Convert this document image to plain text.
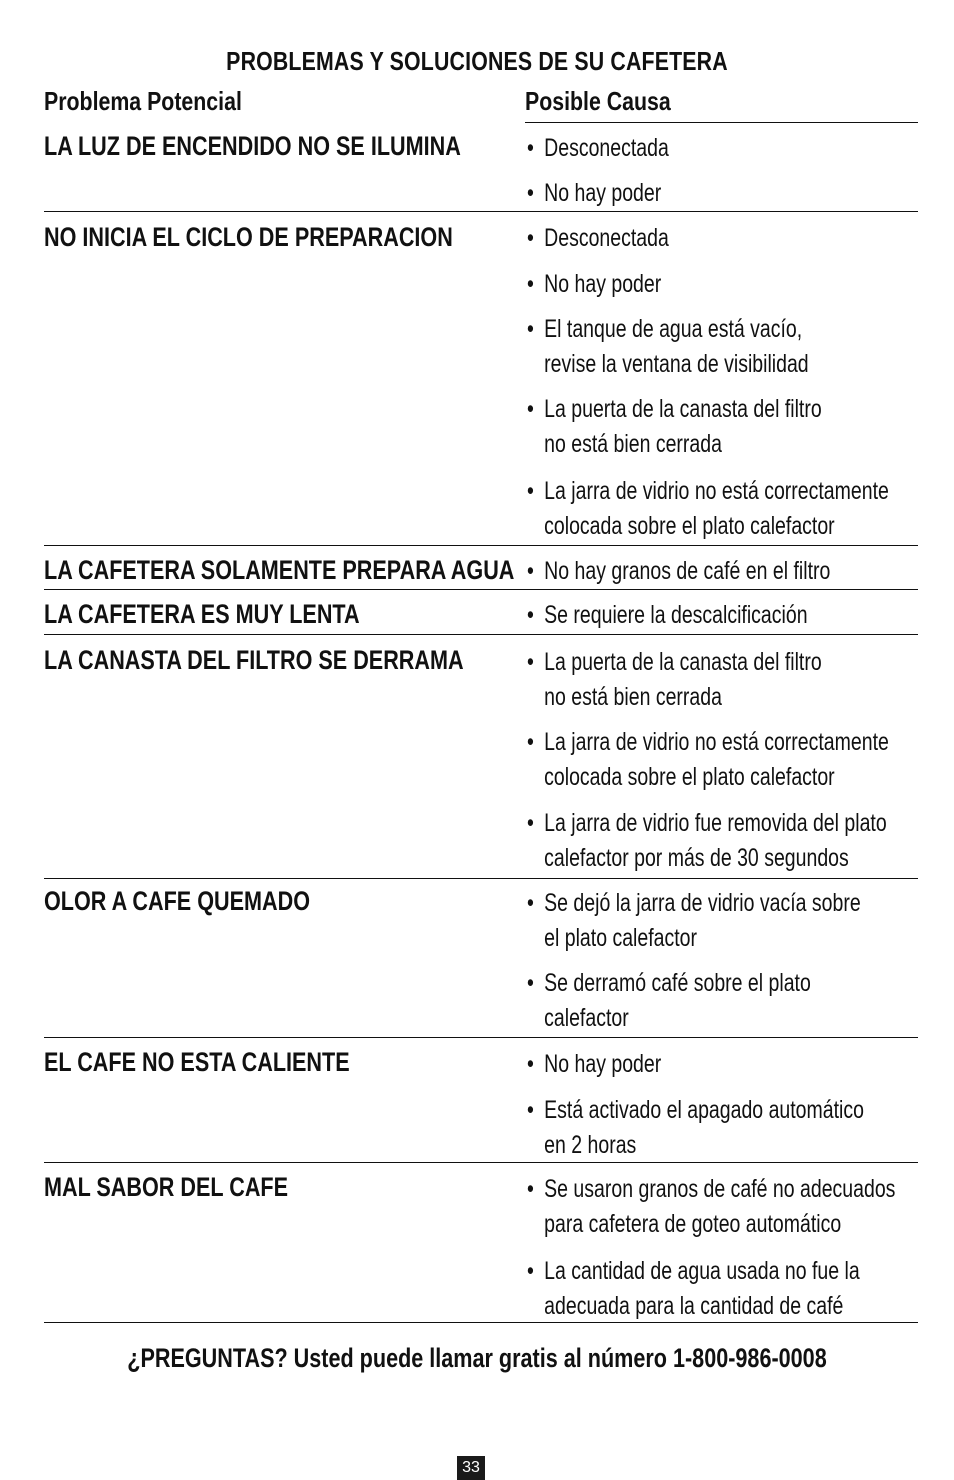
PROBLEMAS Y SOLUCIONES DE SU CAFETERA
Problema Potencial	Posible Causa
LA LUZ DE ENCENDIDO NO SE ILUMINA	• Desconectada
• No hay poder
NO INICIA EL CICLO DE PREPARACION	• Desconectada
• No hay poder
• El tanque de agua está vacío,
revise la ventana de visibilidad
• La puerta de la canasta del filtro
no está bien cerrada
• La jarra de vidrio no está correctamente
colocada sobre el plato calefactor
LA CAFETERA SOLAMENTE PREPARA AGUA • No hay granos de café en el filtro
LA CAFETERA ES MUY LENTA	• Se requiere la descalcificación
LA CANASTA DEL FILTRO SE DERRAMA	• La puerta de la canasta del filtro
no está bien cerrada
• La jarra de vidrio no está correctamente
colocada sobre el plato calefactor
• La jarra de vidrio fue removida del plato
calefactor por más de 30 segundos
OLOR A CAFE QUEMADO	• Se dejó la jarra de vidrio vacía sobre
el plato calefactor
• Se derramó café sobre el plato
calefactor
EL CAFE NO ESTA CALIENTE	• No hay poder
• Está activado el apagado automático
en 2 horas
MAL SABOR DEL CAFE	• Se usaron granos de café no adecuados
para cafetera de goteo automático
• La cantidad de agua usada no fue la
adecuada para la cantidad de café
¿PREGUNTAS? Usted puede llamar gratis al número 1-800-986-0008
33
